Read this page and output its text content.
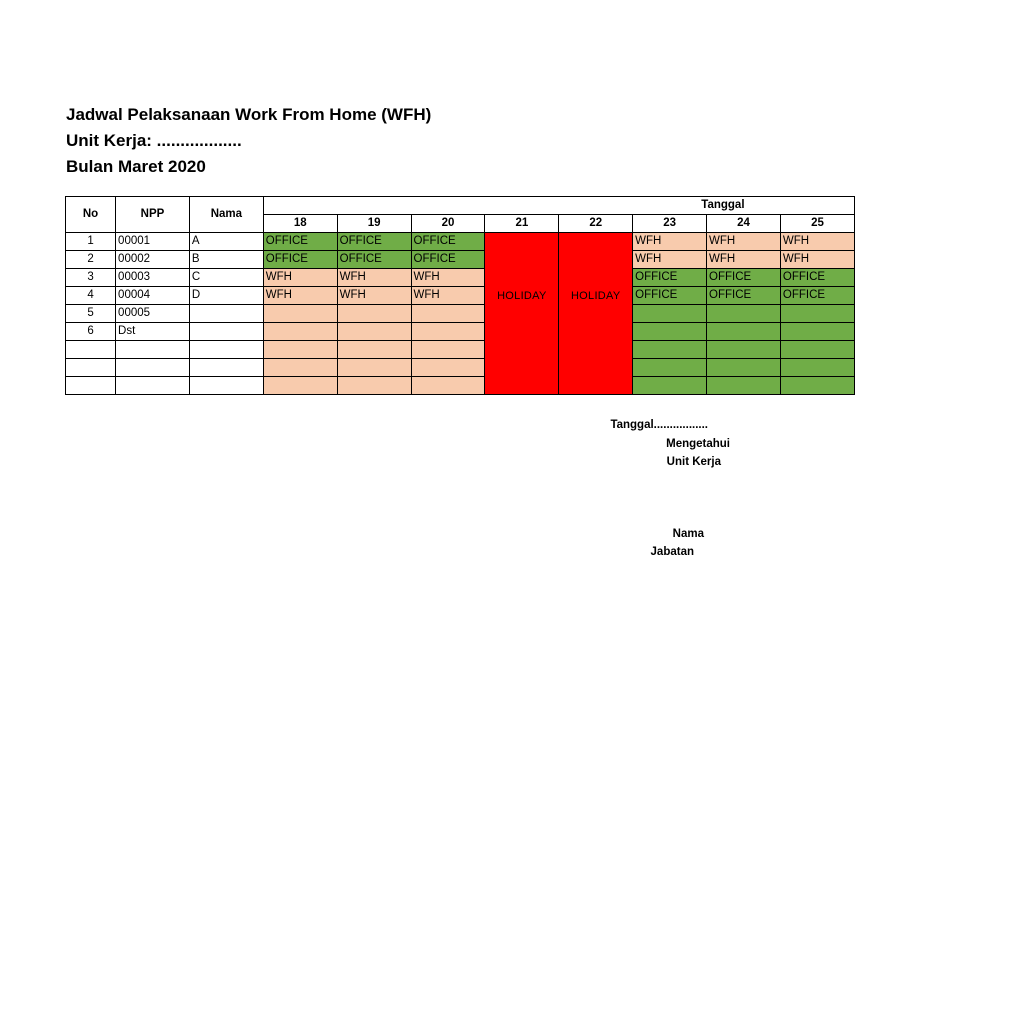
Jadwal Pelaksanaan Work From Home (WFH)
Unit Kerja: ..................
Bulan Maret 2020
No	NPP	Nama	Tanggal							
			18	19	20	21	22	23	24	25
1	00001	A	OFFICE	OFFICE	OFFICE	HOLIDAY	HOLIDAY	WFH	WFH	WFH
2	00002	B	OFFICE	OFFICE	OFFICE			WFH	WFH	WFH
3	00003	C	WFH	WFH	WFH			OFFICE	OFFICE	OFFICE
4	00004	D	WFH	WFH	WFH			OFFICE	OFFICE	OFFICE
5	00005									
6	Dst									

Tanggal.................
Mengetahui
Unit Kerja
Nama
Jabatan
